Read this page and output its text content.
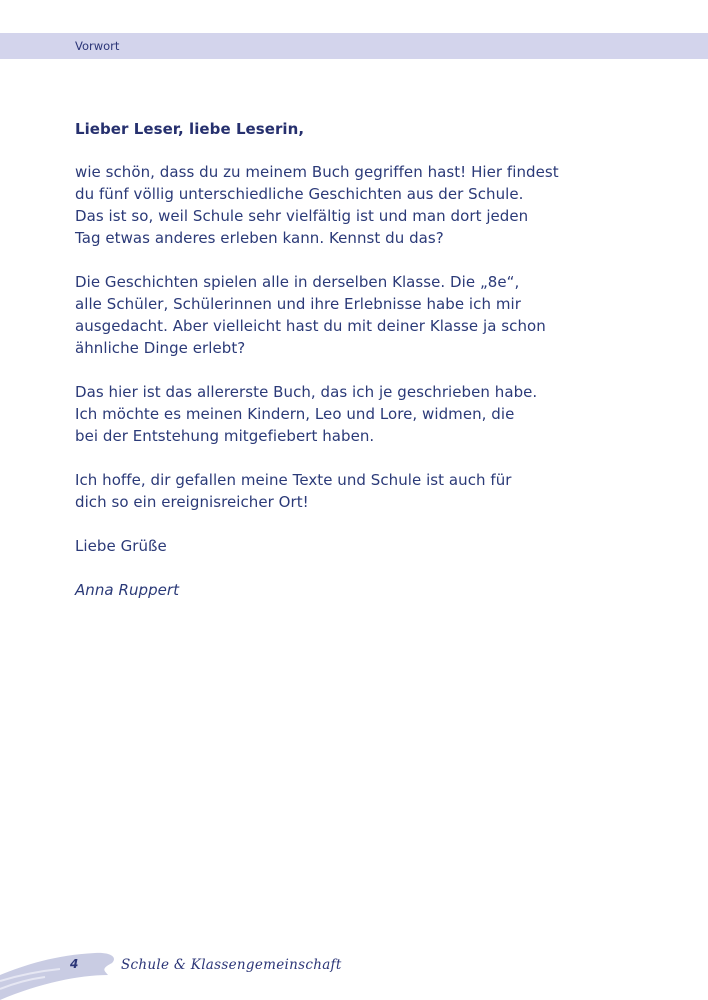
Vorwort

Lieber Leser, liebe Leserin,

wie schön, dass du zu meinem Buch gegriffen hast! Hier findest
du fünf völlig unterschiedliche Geschichten aus der Schule.
Das ist so, weil Schule sehr vielfältig ist und man dort jeden
Tag etwas anderes erleben kann. Kennst du das?

Die Geschichten spielen alle in derselben Klasse. Die „8e“,
alle Schüler, Schülerinnen und ihre Erlebnisse habe ich mir
ausgedacht. Aber vielleicht hast du mit deiner Klasse ja schon
ähnliche Dinge erlebt?

Das hier ist das allererste Buch, das ich je geschrieben habe.
Ich möchte es meinen Kindern, Leo und Lore, widmen, die
bei der Entstehung mitgefiebert haben.

Ich hoffe, dir gefallen meine Texte und Schule ist auch für
dich so ein ereignisreicher Ort!

Liebe Grüße

Anna Ruppert

4	Schule & Klassengemeinschaft
